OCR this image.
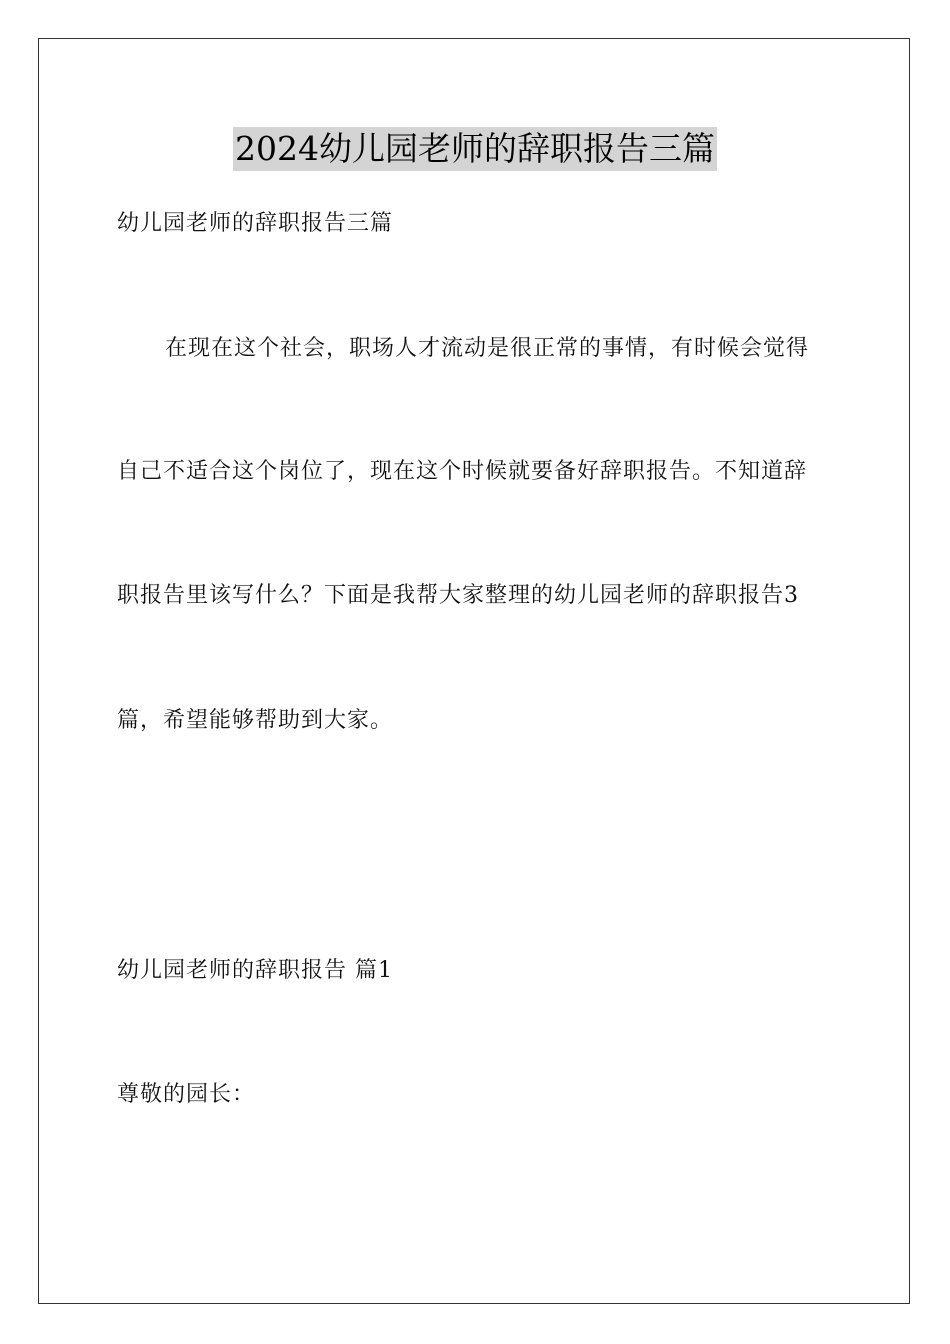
2024幼儿园老师的辞职报告三篇
幼儿园老师的辞职报告三篇
在现在这个社会，职场人才流动是很正常的事情，有时候会觉得
自己不适合这个岗位了，现在这个时候就要备好辞职报告。不知道辞
职报告里该写什么？下面是我帮大家整理的幼儿园老师的辞职报告3
篇，希望能够帮助到大家。
幼儿园老师的辞职报告 篇1
尊敬的园长：
